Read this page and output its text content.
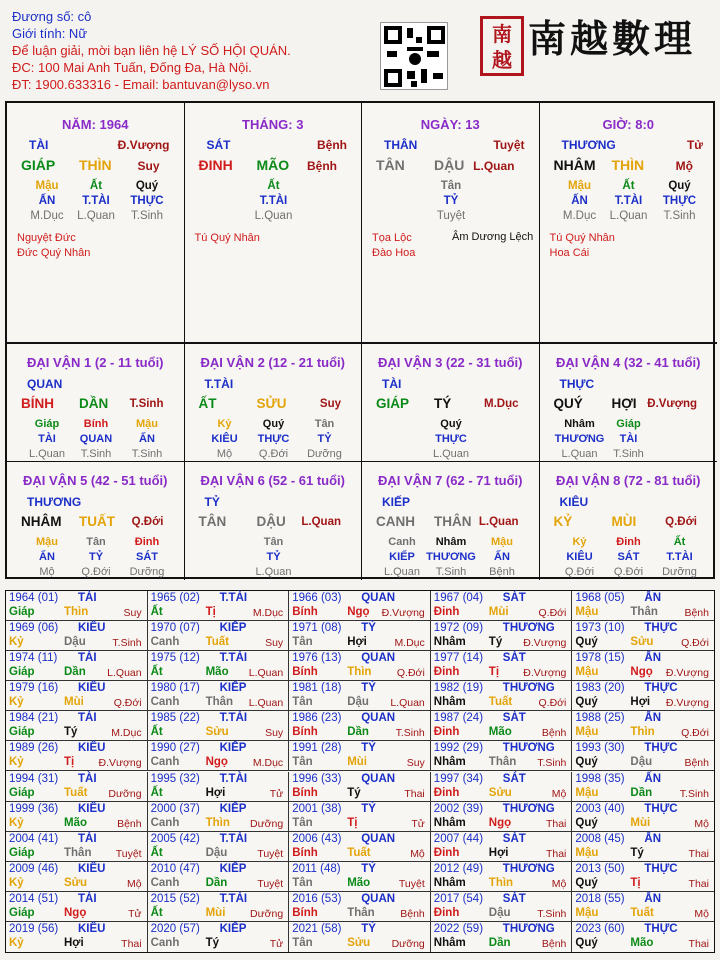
Đương số: cô
Giới tính: Nữ
Để luận giải, mời bạn liên hệ LÝ SỐ HỘI QUÁN.
ĐC: 100 Mai Anh Tuấn, Đống Đa, Hà Nội.
ĐT: 1900.633316 - Email: bantuvan@lyso.vn
南
越 南越數理
NĂM: 1964
TÀI	Đ.Vượng
GIÁP THÌN Suy
Mậu
ẤN
M.Dục
Ất
T.TÀI
L.Quan
Quý
THỰC
T.Sinh
Nguyệt Đức
Đức Quý Nhân
THÁNG: 3
SÁT	Bệnh
ĐINH MÃO Bệnh
Ất
T.TÀI
L.Quan
Tú Quý Nhân
NGÀY: 13
THÂN	Tuyệt
TÂN DẬU L.Quan
Tân
TỶ
Tuyệt
Tọa Lộc
Đào Hoa
Âm Dương Lệch
GIỜ: 8:0
THƯƠNG	Tử
NHÂM THÌN	Mộ
Mậu
ẤN
M.Dục
Ất
T.TÀI
L.Quan
Quý
THỰC
T.Sinh
Tú Quý Nhân
Hoa Cái
ĐẠI VẬN 1 (2 - 11 tuổi)
QUAN
BÍNH DẦN T.Sinh
Giáp
TÀI
L.Quan
Bính
QUAN
T.Sinh
Mậu
ẤN
T.Sinh
ĐẠI VẬN 2 (12 - 21 tuổi)
T.TÀI
ẤT	SỬU	Suy
Kỷ
KIÊU
Mộ
Quý
THỰC
Q.Đới
Tân
TỶ
Dưỡng
ĐẠI VẬN 3 (22 - 31 tuổi)
TÀI
GIÁP TÝ	M.Dục
Quý
THỰC
L.Quan
ĐẠI VẬN 4 (32 - 41 tuổi)
THỰC
QUÝ HỢI Đ.Vượng
Nhâm
THƯƠNG
L.Quan
Giáp
TÀI
T.Sinh
ĐẠI VẬN 5 (42 - 51 tuổi)
THƯƠNG
NHÂM TUẤT Q.Đới
Mậu
ẤN
Mộ
Tân
TỶ
Q.Đới
Đinh
SÁT
Dưỡng
ĐẠI VẬN 6 (52 - 61 tuổi)
TỶ
TÂN DẬU L.Quan
Tân
TỶ
L.Quan
ĐẠI VẬN 7 (62 - 71 tuổi)
KIẾP
CANH THÂN L.Quan
Canh
KIẾP
L.Quan
Nhâm
THƯƠNG
T.Sinh
Mậu
ẤN
Bệnh
ĐẠI VẬN 8 (72 - 81 tuổi)
KIÊU
KỶ	MÙI	Q.Đới
Kỷ
KIÊU
Q.Đới
Đinh
SÁT
Q.Đới
Ất
T.TÀI
Dưỡng
1964 (01) TÀI
Giáp	Thìn	Suy
1965 (02) T.TÀI
Ất	Tị	M.Dục
1966 (03) QUAN
Bính	Ngọ Đ.Vượng
1967 (04) SÁT
Đinh	Mùi	Q.Đới
1968 (05) ẤN
Mậu	Thân	Bệnh
1969 (06) KIÊU
Kỷ	Dậu	T.Sinh
1970 (07) KIẾP
Canh Tuất	Suy
1971 (08) TỶ
Tân	Hợi	M.Dục
1972 (09) THƯƠNG
Nhâm Tý Đ.Vượng
1973 (10) THỰC
Quý	Sửu	Q.Đới
1974 (11) TÀI
Giáp	Dần L.Quan
1975 (12) T.TÀI
Ất	Mão L.Quan
1976 (13) QUAN
Bính	Thìn Q.Đới
1977 (14) SÁT
Đinh	Tị Đ.Vượng
1978 (15) ẤN
Mậu	Ngọ Đ.Vượng
1979 (16) KIÊU
Kỷ	Mùi	Q.Đới
1980 (17) KIẾP
Canh Thân L.Quan
1981 (18) TỶ
Tân	Dậu L.Quan
1982 (19) THƯƠNG
Nhâm Tuất	Q.Đới
1983 (20) THỰC
Quý	Hợi Đ.Vượng
1984 (21) TÀI
Giáp	Tý	M.Dục
1985 (22) T.TÀI
Ất	Sửu	Suy
1986 (23) QUAN
Bính	Dần	T.Sinh
1987 (24) SÁT
Đinh	Mão	Bệnh
1988 (25) ẤN
Mậu	Thìn	Q.Đới
1989 (26) KIÊU
Kỷ	Tị Đ.Vượng
1990 (27) KIẾP
Canh Ngọ M.Dục
1991 (28) TỶ
Tân	Mùi	Suy
1992 (29) THƯƠNG
Nhâm Thân T.Sinh
1993 (30) THỰC
Quý	Dậu	Bệnh
1994 (31) TÀI
Giáp	Tuất Dưỡng
1995 (32) T.TÀI
Ất	Hợi	Tử
1996 (33) QUAN
Bính	Tý	Thai
1997 (34) SÁT
Đinh	Sửu	Mộ
1998 (35) ẤN
Mậu	Dần	T.Sinh
1999 (36) KIÊU
Kỷ	Mão	Bệnh
2000 (37) KIẾP
Canh Thìn Dưỡng
2001 (38) TỶ
Tân	Tị	Tử
2002 (39) THƯƠNG
Nhâm Ngọ	Thai
2003 (40) THỰC
Quý	Mùi	Mộ
2004 (41) TÀI
Giáp	Thân Tuyệt
2005 (42) T.TÀI
Ất	Dậu	Tuyệt
2006 (43) QUAN
Bính	Tuất	Mộ
2007 (44) SÁT
Đinh	Hợi	Thai
2008 (45) ẤN
Mậu	Tý	Thai
2009 (46) KIÊU
Kỷ	Sửu	Mộ
2010 (47) KIẾP
Canh Dần	Tuyệt
2011 (48) TỶ
Tân	Mão	Tuyệt
2012 (49) THƯƠNG
Nhâm Thìn	Mộ
2013 (50) THỰC
Quý	Tị	Thai
2014 (51) TÀI
Giáp	Ngọ	Tử
2015 (52) T.TÀI
Ất	Mùi Dưỡng
2016 (53) QUAN
Bính	Thân Bệnh
2017 (54) SÁT
Đinh	Dậu	T.Sinh
2018 (55) ẤN
Mậu	Tuất	Mộ
2019 (56) KIÊU
Kỷ	Hợi	Thai
2020 (57) KIẾP
Canh Tý	Tử
2021 (58) TỶ
Tân	Sửu Dưỡng
2022 (59) THƯƠNG
Nhâm Dần	Bệnh
2023 (60) THỰC
Quý	Mão	Thai
